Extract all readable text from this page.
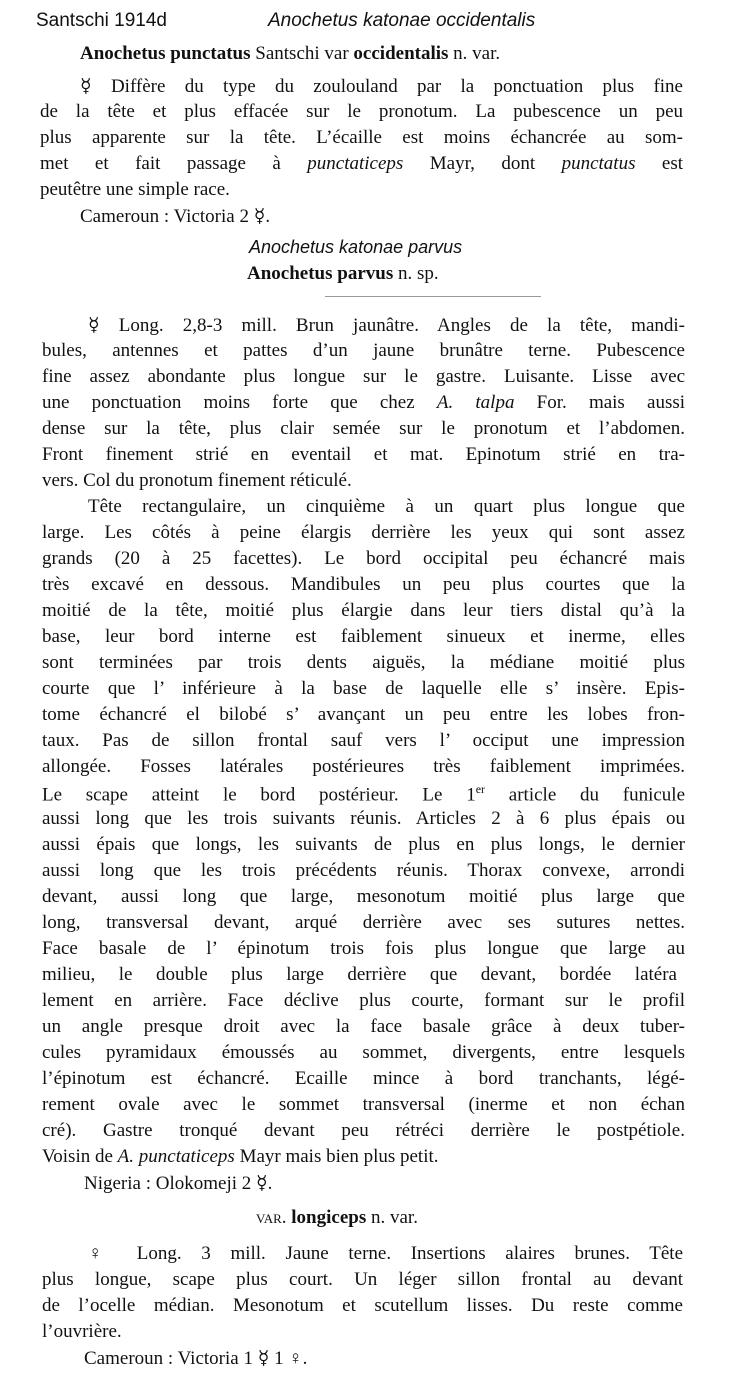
Santschi 1914d	Anochetus katonae occidentalis
Anochetus punctatus Santschi var occidentalis n. var.
☿ Diffère du type du zoulouland par la ponctuation plus fine
de la tête et plus effacée sur le pronotum. La pubescence un peu
plus apparente sur la tête. L’écaille est moins échancrée au som-
met et fait passage à punctaticeps Mayr, dont punctatus est
peutêtre une simple race.
Cameroun : Victoria 2 ☿.
Anochetus katonae parvus
Anochetus parvus n. sp.
☿ Long. 2,8-3 mill. Brun jaunâtre. Angles de la tête, mandi-
bules, antennes et pattes d’un jaune brunâtre terne. Pubescence
fine assez abondante plus longue sur le gastre. Luisante. Lisse avec
une ponctuation moins forte que chez A. talpa For. mais aussi
dense sur la tête, plus clair semée sur le pronotum et l’abdomen.
Front finement strié en eventail et mat. Epinotum strié en tra-
vers. Col du pronotum finement réticulé.
Tête rectangulaire, un cinquième à un quart plus longue que
large. Les côtés à peine élargis derrière les yeux qui sont assez
grands (20 à 25 facettes). Le bord occipital peu échancré mais
très excavé en dessous. Mandibules un peu plus courtes que la
moitié de la tête, moitié plus élargie dans leur tiers distal qu’à la
base, leur bord interne est faiblement sinueux et inerme, elles
sont terminées par trois dents aiguës, la médiane moitié plus
courte que l’ inférieure à la base de laquelle elle s’ insère. Epis-
tome échancré el bilobé s’ avançant un peu entre les lobes fron-
taux. Pas de sillon frontal sauf vers l’ occiput une impression
allongée. Fosses latérales postérieures très faiblement imprimées.
Le scape atteint le bord postérieur. Le 1er article du funicule
aussi long que les trois suivants réunis. Articles 2 à 6 plus épais ou
aussi épais que longs, les suivants de plus en plus longs, le dernier
aussi long que les trois précédents réunis. Thorax convexe, arrondi
devant, aussi long que large, mesonotum moitié plus large que
long, transversal devant, arqué derrière avec ses sutures nettes.
Face basale de l’ épinotum trois fois plus longue que large au
milieu, le double plus large derrière que devant, bordée latéra
lement en arrière. Face déclive plus courte, formant sur le profil
un angle presque droit avec la face basale grâce à deux tuber-
cules pyramidaux émoussés au sommet, divergents, entre lesquels
l’épinotum est échancré. Ecaille mince à bord tranchants, légé-
rement ovale avec le sommet transversal (inerme et non échan
cré). Gastre tronqué devant peu rétréci derrière le postpétiole.
Voisin de A. punctaticeps Mayr mais bien plus petit.
Nigeria : Olokomeji 2 ☿.
var. longiceps n. var.
♀ Long. 3 mill. Jaune terne. Insertions alaires brunes. Tête
plus longue, scape plus court. Un léger sillon frontal au devant
de l’ocelle médian. Mesonotum et scutellum lisses. Du reste comme
l’ouvrière.
Cameroun : Victoria 1 ☿ 1 ♀.
